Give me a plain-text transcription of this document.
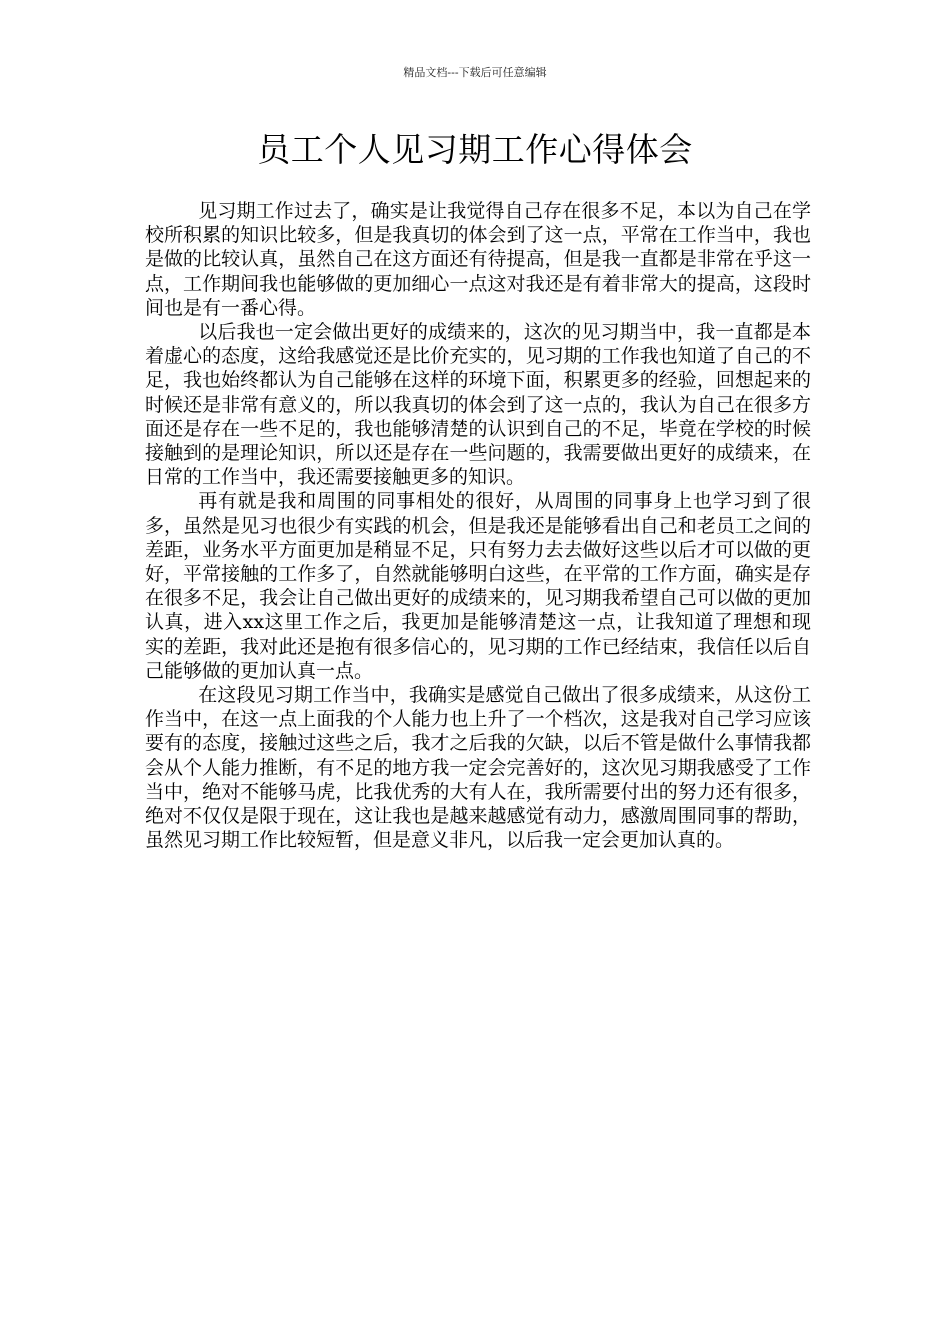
精品文档---下载后可任意编辑
员工个人见习期工作心得体会

见习期工作过去了，确实是让我觉得自己存在很多不足，本以为自己在学校所积累的知识比较多，但是我真切的体会到了这一点，平常在工作当中，我也是做的比较认真，虽然自己在这方面还有待提高，但是我一直都是非常在乎这一点，工作期间我也能够做的更加细心一点这对我还是有着非常大的提高，这段时间也是有一番心得。

以后我也一定会做出更好的成绩来的，这次的见习期当中，我一直都是本着虚心的态度，这给我感觉还是比价充实的，见习期的工作我也知道了自己的不足，我也始终都认为自己能够在这样的环境下面，积累更多的经验，回想起来的时候还是非常有意义的，所以我真切的体会到了这一点的，我认为自己在很多方面还是存在一些不足的，我也能够清楚的认识到自己的不足，毕竟在学校的时候接触到的是理论知识，所以还是存在一些问题的，我需要做出更好的成绩来，在日常的工作当中，我还需要接触更多的知识。

再有就是我和周围的同事相处的很好，从周围的同事身上也学习到了很多，虽然是见习也很少有实践的机会，但是我还是能够看出自己和老员工之间的差距，业务水平方面更加是稍显不足，只有努力去去做好这些以后才可以做的更好，平常接触的工作多了，自然就能够明白这些，在平常的工作方面，确实是存在很多不足，我会让自己做出更好的成绩来的，见习期我希望自己可以做的更加认真，进入xx这里工作之后，我更加是能够清楚这一点，让我知道了理想和现实的差距，我对此还是抱有很多信心的，见习期的工作已经结束，我信任以后自己能够做的更加认真一点。

在这段见习期工作当中，我确实是感觉自己做出了很多成绩来，从这份工作当中，在这一点上面我的个人能力也上升了一个档次，这是我对自己学习应该要有的态度，接触过这些之后，我才之后我的欠缺，以后不管是做什么事情我都会从个人能力推断，有不足的地方我一定会完善好的，这次见习期我感受了工作当中，绝对不能够马虎，比我优秀的大有人在，我所需要付出的努力还有很多，绝对不仅仅是限于现在，这让我也是越来越感觉有动力，感激周围同事的帮助，虽然见习期工作比较短暂，但是意义非凡，以后我一定会更加认真的。
